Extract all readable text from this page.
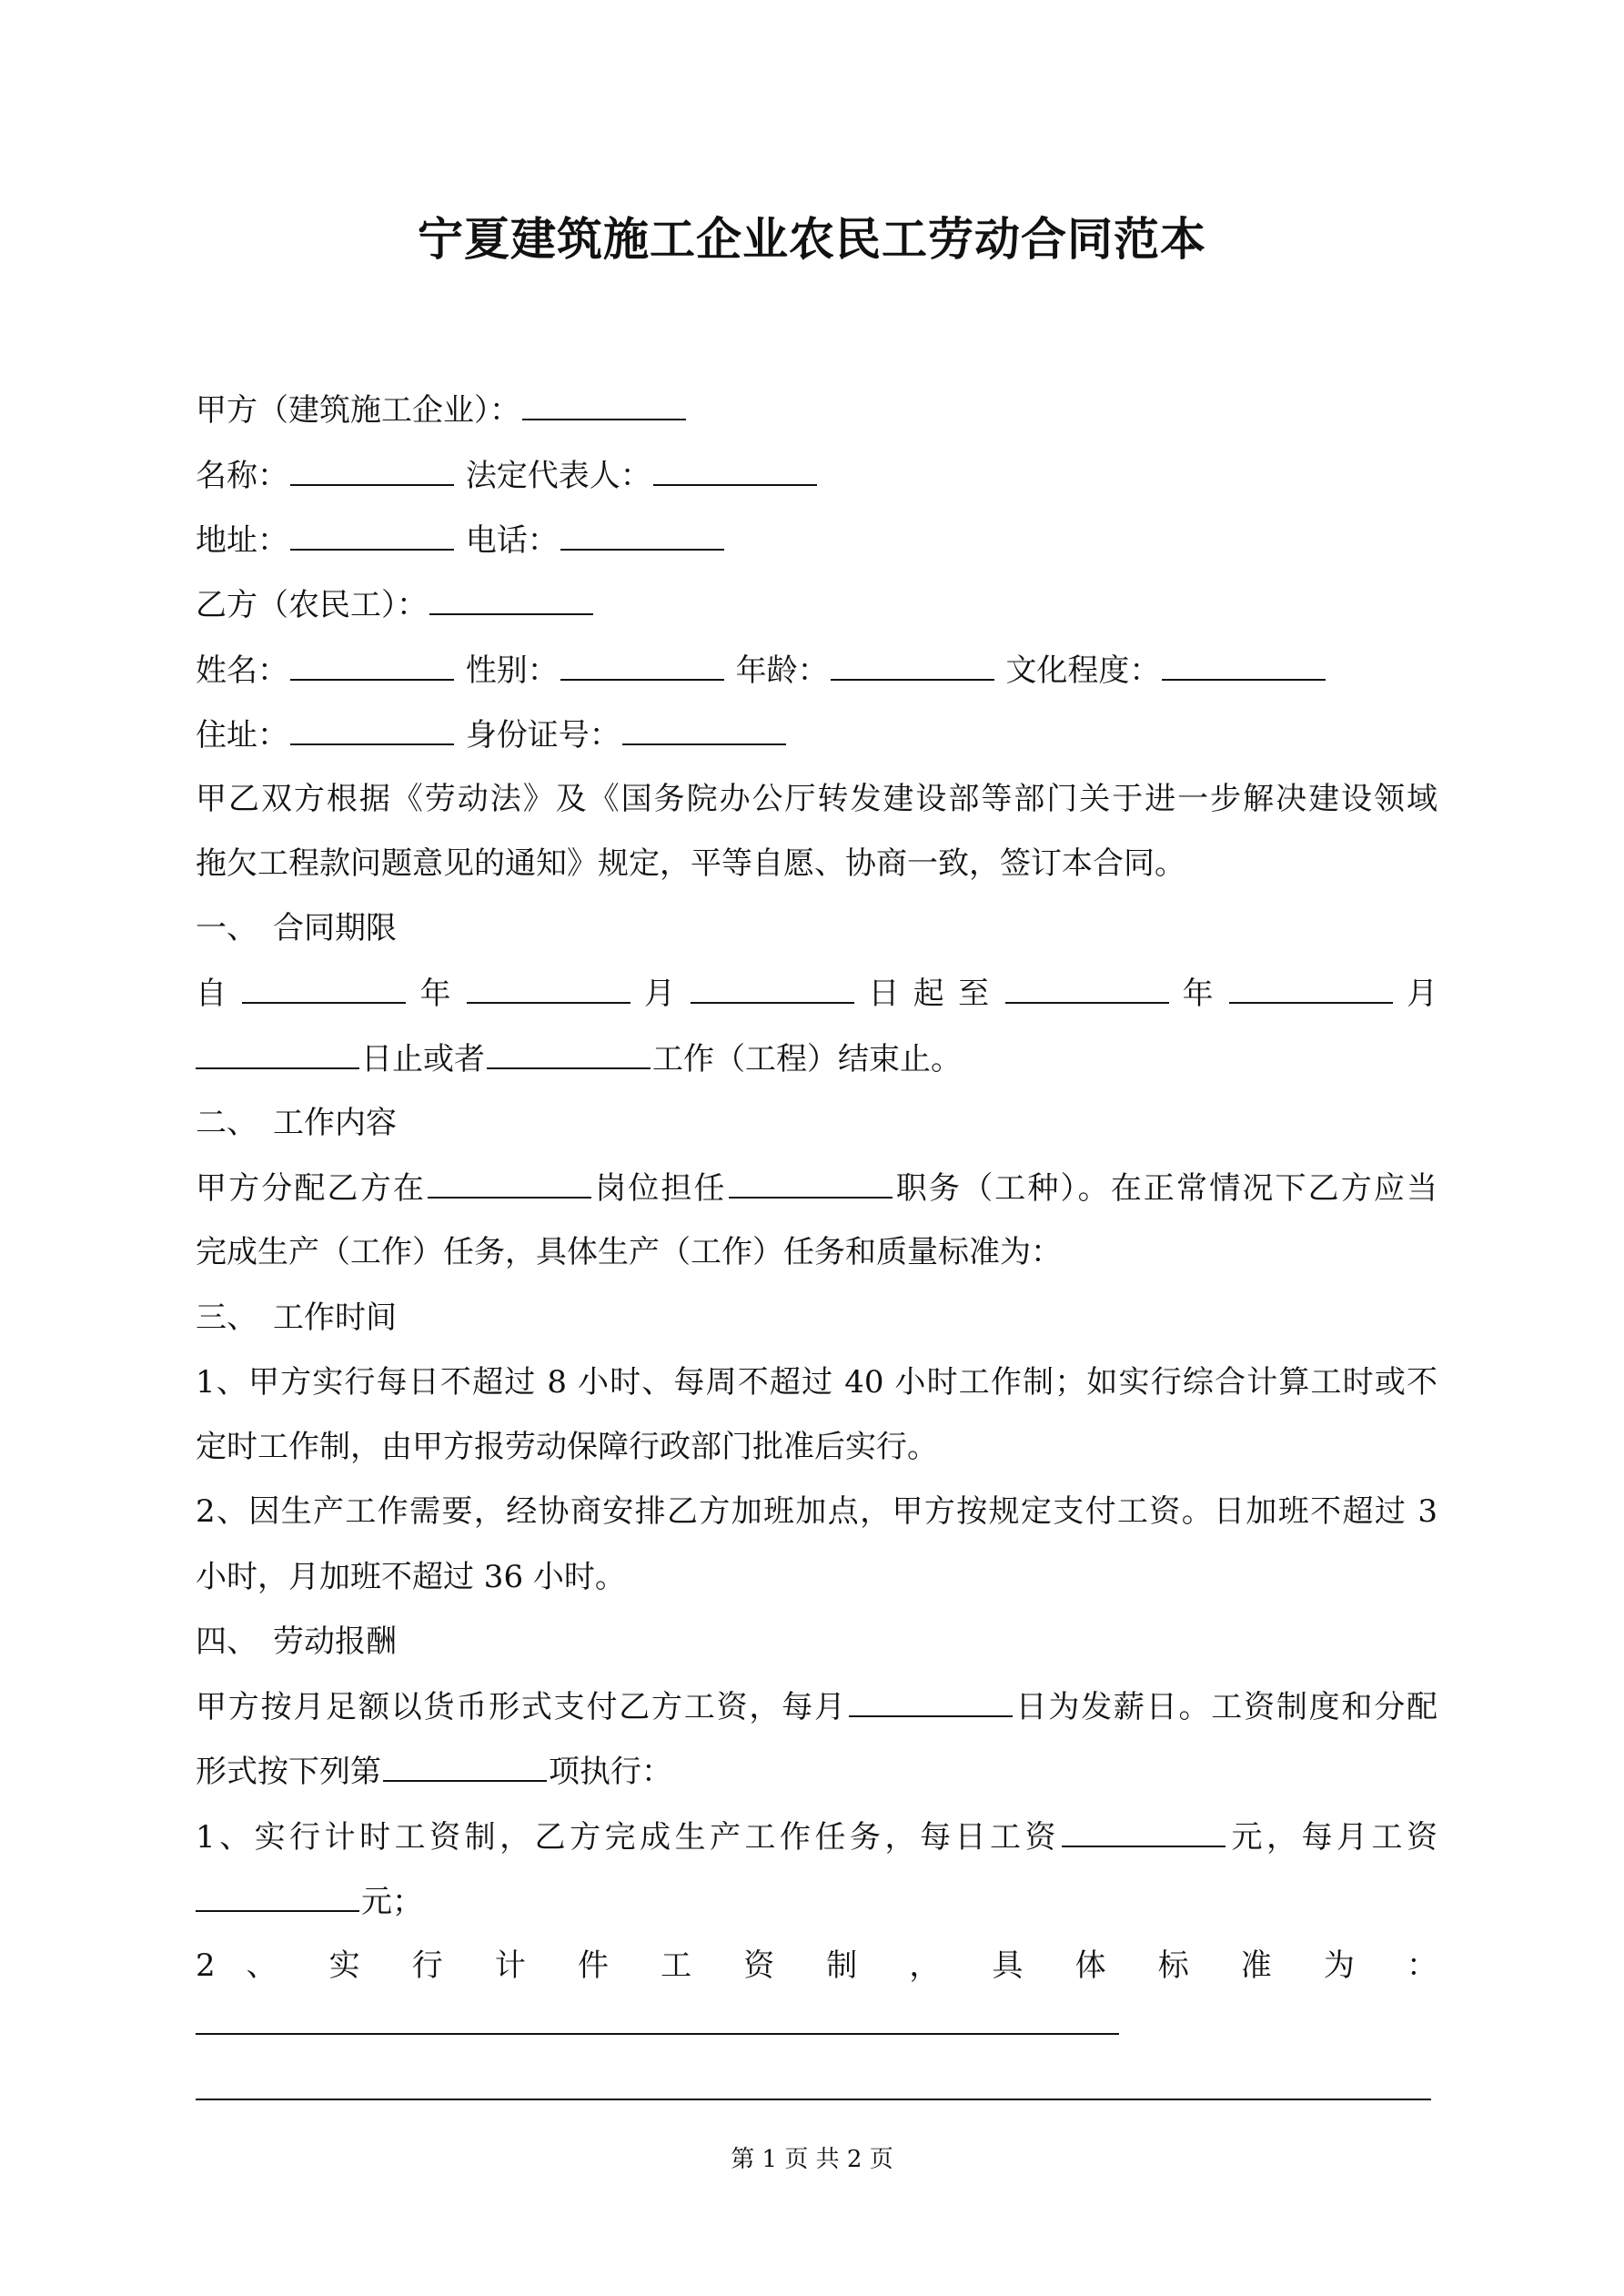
宁夏建筑施工企业农民工劳动合同范本
甲方（建筑施工企业）：
名称：	法定代表人：
地址：	电话：
乙方（农民工）：
姓名：	性别：	年龄：	文化程度：
住址：	身份证号：
甲乙双方根据《劳动法》及《国务院办公厅转发建设部等部门关于进一步解决建设领域
拖欠工程款问题意见的通知》规定，平等自愿、协商一致，签订本合同。
一、　合同期限
自	年	月	日 起 至	年	月
日止或者	工作（工程）结束止。
二、　工作内容
甲方分配乙方在	岗位担任	职务（工种）。在正常情况下乙方应当
完成生产（工作）任务，具体生产（工作）任务和质量标准为：
三、　工作时间
1、甲方实行每日不超过 8 小时、每周不超过 40 小时工作制；如实行综合计算工时或不
定时工作制，由甲方报劳动保障行政部门批准后实行。
2、因生产工作需要，经协商安排乙方加班加点，甲方按规定支付工资。日加班不超过 3
小时，月加班不超过 36 小时。
四、　劳动报酬
甲方按月足额以货币形式支付乙方工资，每月	日为发薪日。工资制度和分配
形式按下列第	项执行：
1、实行计时工资制，乙方完成生产工作任务，每日工资	元，每月工资
元；
2 、 实 行 计 件 工 资 制 ， 具 体 标 准 为 ：
第 1 页 共 2 页
